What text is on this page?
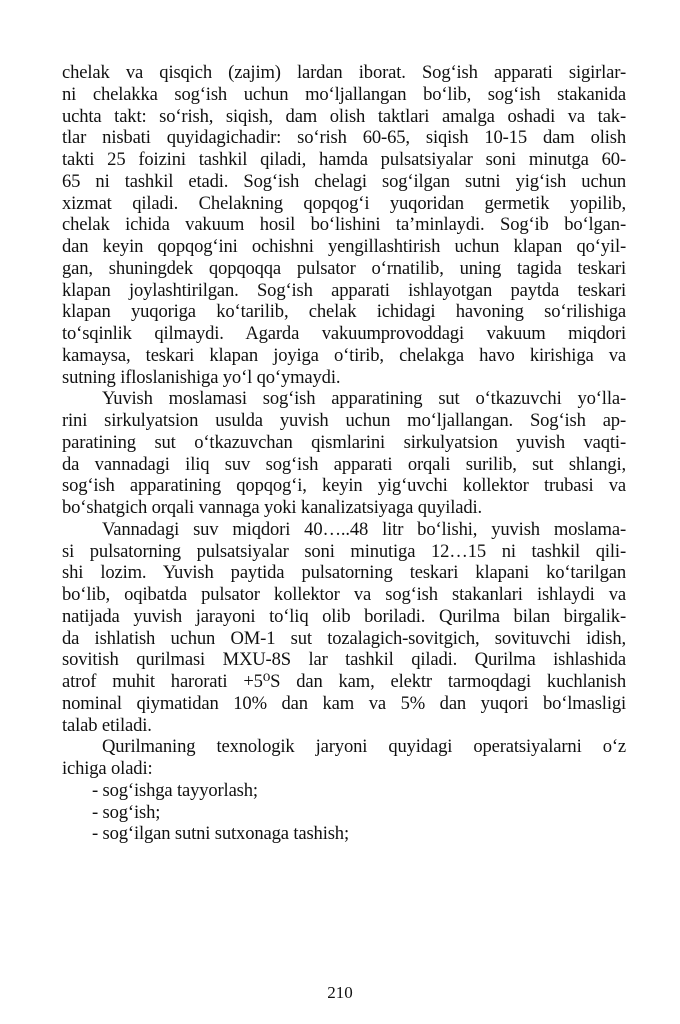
chelak va qisqich (zajim) lardan iborat. Sog‘ish apparati sigirlar-
ni chelakka sog‘ish uchun mo‘ljallangan bo‘lib, sog‘ish stakanida
uchta takt: so‘rish, siqish, dam olish taktlari amalga oshadi va tak-
tlar nisbati quyidagichadir: so‘rish 60-65, siqish 10-15 dam olish
takti 25 foizini tashkil qiladi, hamda pulsatsiyalar soni minutga 60-
65 ni tashkil etadi. Sog‘ish chelagi sog‘ilgan sutni yig‘ish uchun
xizmat qiladi. Chelakning qopqog‘i yuqoridan germetik yopilib,
chelak ichida vakuum hosil bo‘lishini ta’minlaydi. Sog‘ib bo‘lgan-
dan keyin qopqog‘ini ochishni yengillashtirish uchun klapan qo‘yil-
gan, shuningdek qopqoqqa pulsator o‘rnatilib, uning tagida teskari
klapan joylashtirilgan. Sog‘ish apparati ishlayotgan paytda teskari
klapan yuqoriga ko‘tarilib, chelak ichidagi havoning so‘rilishiga
to‘sqinlik qilmaydi. Agarda vakuumprovoddagi vakuum miqdori
kamaysa, teskari klapan joyiga o‘tirib, chelakga havo kirishiga va
sutning ifloslanishiga yo‘l qo‘ymaydi.

Yuvish moslamasi sog‘ish apparatining sut o‘tkazuvchi yo‘lla-
rini sirkulyatsion usulda yuvish uchun mo‘ljallangan. Sog‘ish ap-
paratining sut o‘tkazuvchan qismlarini sirkulyatsion yuvish vaqti-
da vannadagi iliq suv sog‘ish apparati orqali surilib, sut shlangi,
sog‘ish apparatining qopqog‘i, keyin yig‘uvchi kollektor trubasi va
bo‘shatgich orqali vannaga yoki kanalizatsiyaga quyiladi.

Vannadagi suv miqdori 40…..48 litr bo‘lishi, yuvish moslama-
si pulsatorning pulsatsiyalar soni minutiga 12…15 ni tashkil qili-
shi lozim. Yuvish paytida pulsatorning teskari klapani ko‘tarilgan
bo‘lib, oqibatda pulsator kollektor va sog‘ish stakanlari ishlaydi va
natijada yuvish jarayoni to‘liq olib boriladi. Qurilma bilan birgalik-
da ishlatish uchun OM-1 sut tozalagich-sovitgich, sovituvchi idish,
sovitish qurilmasi MXU-8S lar tashkil qiladi. Qurilma ishlashida
atrof muhit harorati +5⁰S dan kam, elektr tarmoqdagi kuchlanish
nominal qiymatidan 10% dan kam va 5% dan yuqori bo‘lmasligi
talab etiladi.

Qurilmaning texnologik jaryoni quyidagi operatsiyalarni o‘z
ichiga oladi:

- sog‘ishga tayyorlash;
- sog‘ish;
- sog‘ilgan sutni sutxonaga tashish;

210
